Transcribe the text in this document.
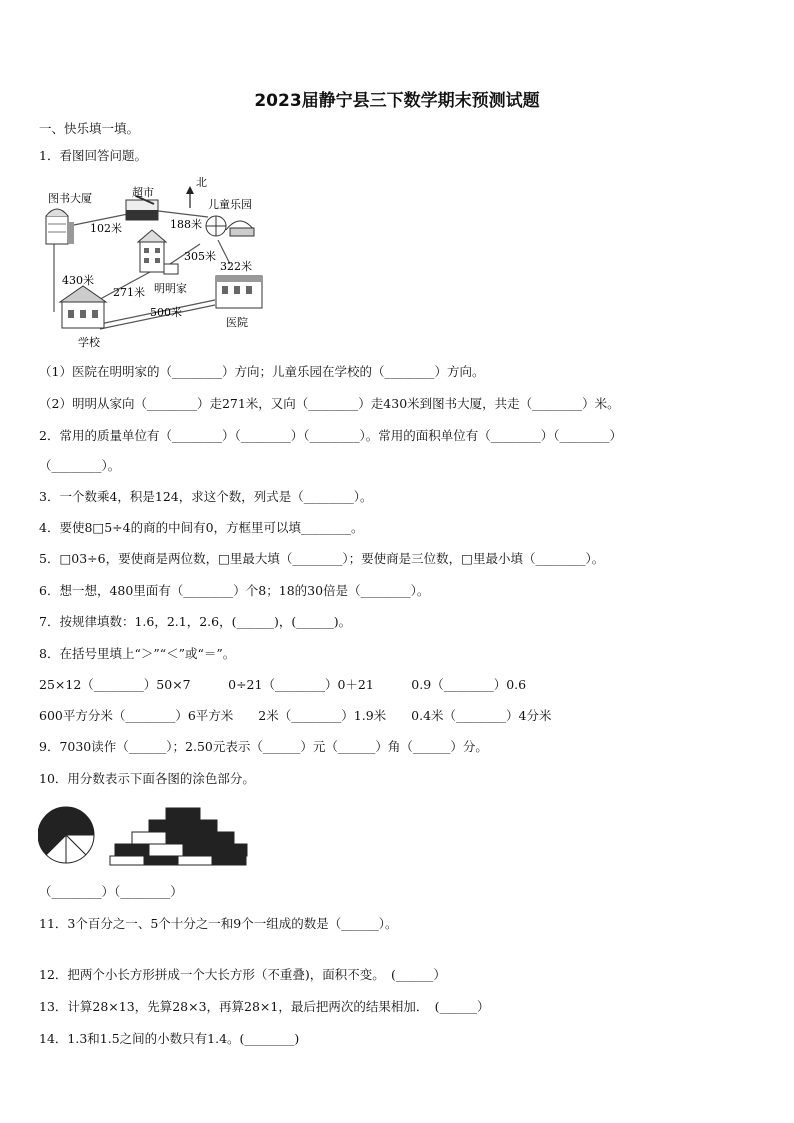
2023届静宁县三下数学期末预测试题
一、快乐填一填。
1．看图回答问题。
北
图书大厦	超市
儿童乐园
明明家
医院
学校
102米	188米
305米
322米
430米
271米
500米
（1）医院在明明家的（________）方向；儿童乐园在学校的（________）方向。
（2）明明从家向（________）走271米，又向（________）走430米到图书大厦，共走（________）米。
2．常用的质量单位有（________）（________）（________）。常用的面积单位有（________）（________）
（________）。
3．一个数乘4，积是124，求这个数，列式是（________）。
4．要使8□5÷4的商的中间有0，方框里可以填________。
5．□03÷6，要使商是两位数，□里最大填（________）；要使商是三位数，□里最小填（________）。
6．想一想，480里面有（________）个8；18的30倍是（________）。
7．按规律填数：1.6，2.1，2.6，(______)，(______)。
8．在括号里填上“＞”“＜”或“＝”。
25×12（________）50×7　　　0÷21（________）0＋21　　　0.9（________）0.6
600平方分米（________）6平方米　　2米（________）1.9米　　0.4米（________）4分米
9．7030读作（______）；2.50元表示（______）元（______）角（______）分。
10．用分数表示下面各图的涂色部分。
（________）（________）
11．3个百分之一、5个十分之一和9个一组成的数是（______）。
12．把两个小长方形拼成一个大长方形（不重叠)，面积不变。　(______）
13．计算28×13，先算28×3，再算28×1，最后把两次的结果相加．　(______）
14．1.3和1.5之间的小数只有1.4。(________)
